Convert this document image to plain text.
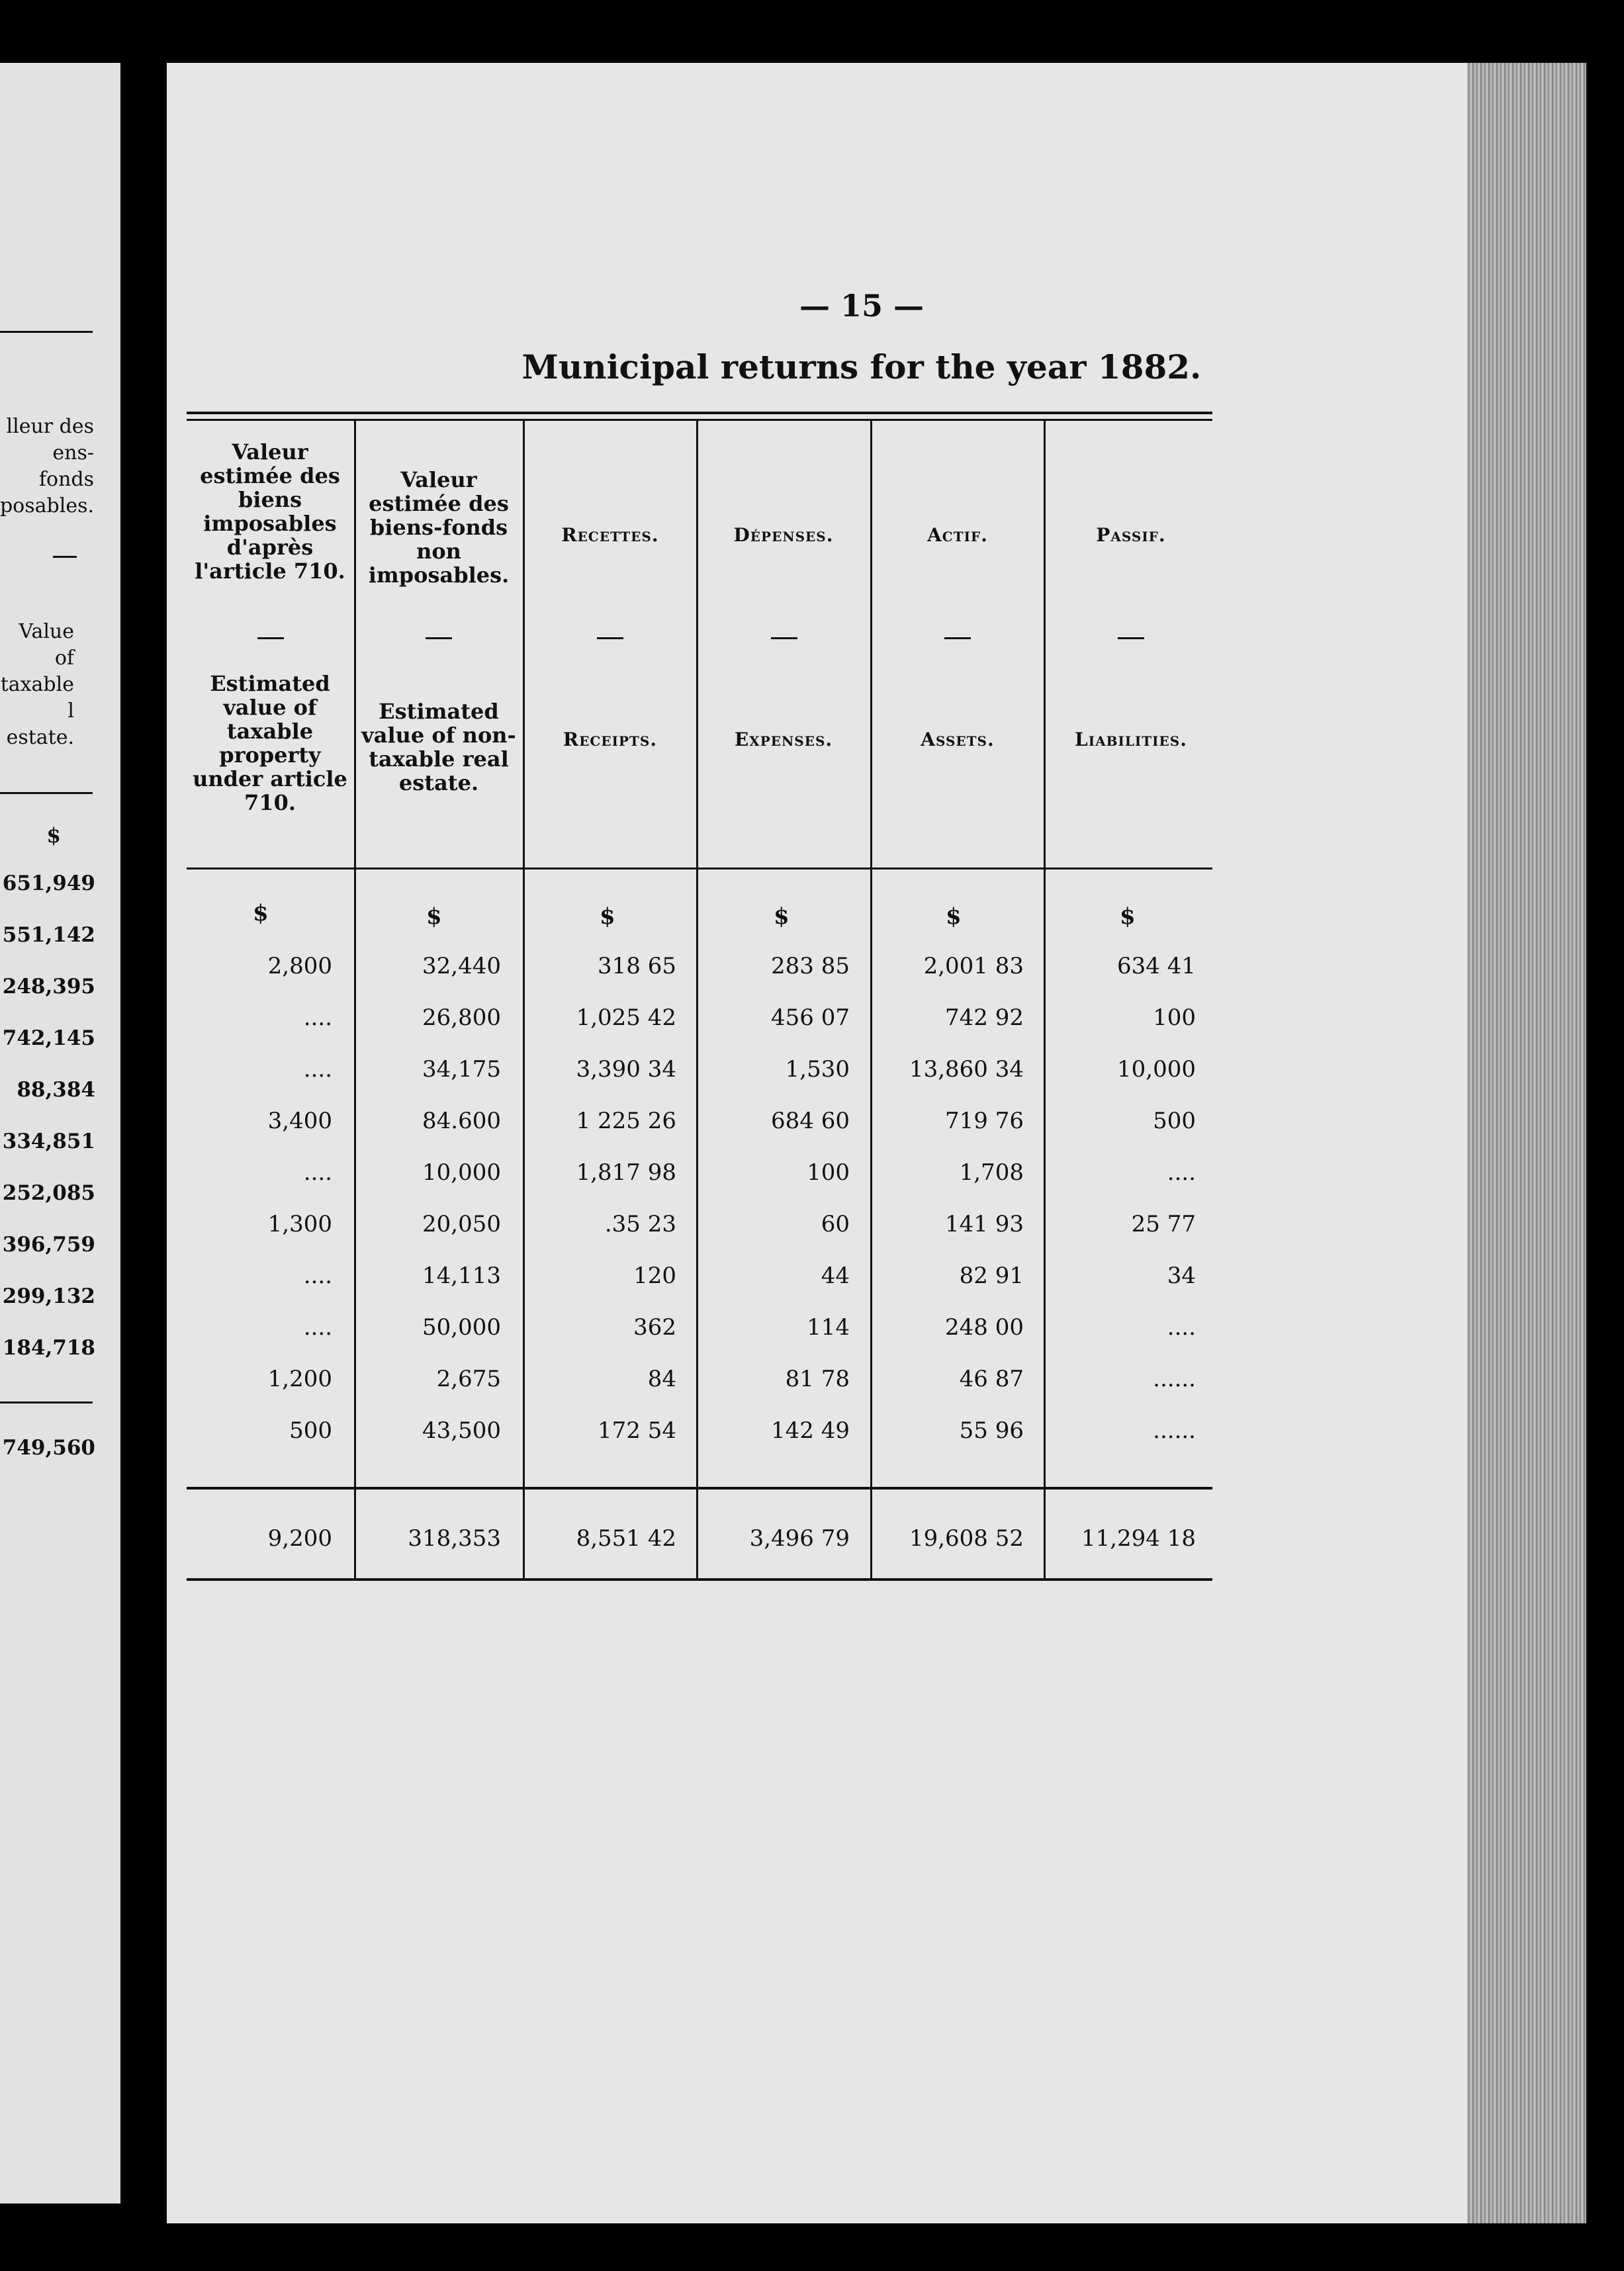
lleur des
ens-fonds
posables.
Value of
taxable
l estate.
$
651,949
551,142
248,395
742,145
88,384
334,851
252,085
396,759
299,132
184,718
749,560
— 15 —
Municipal returns for the year 1882.
Valeur estimée des biens imposables d'après l'article 710.
Valeur estimée des biens-fonds non imposables.
Recettes.	Dépenses.	Actif.	Passif.
Estimated value of taxable property under article 710.
Estimated value of non-taxable real estate.
Receipts.	Expenses.	Assets.	Liabilities.
$	$	$	$	$	$
2,800	32,440	318 65	283 85	2,001 83	634 41
....	26,800	1,025 42	456 07	742 92	100
....	34,175	3,390 34	1,530	13,860 34	10,000
3,400	84.600	1 225 26	684 60	719 76	500
....	10,000	1,817 98	100	1,708	....
1,300	20,050	.35 23	60	141 93	25 77
....	14,113	120	44	82 91	34
....	50,000	362	114	248 00	....
1,200	2,675	84	81 78	46 87	......
500	43,500	172 54	142 49	55 96	......
9,200	318,353	8,551 42	3,496 79	19,608 52	11,294 18
